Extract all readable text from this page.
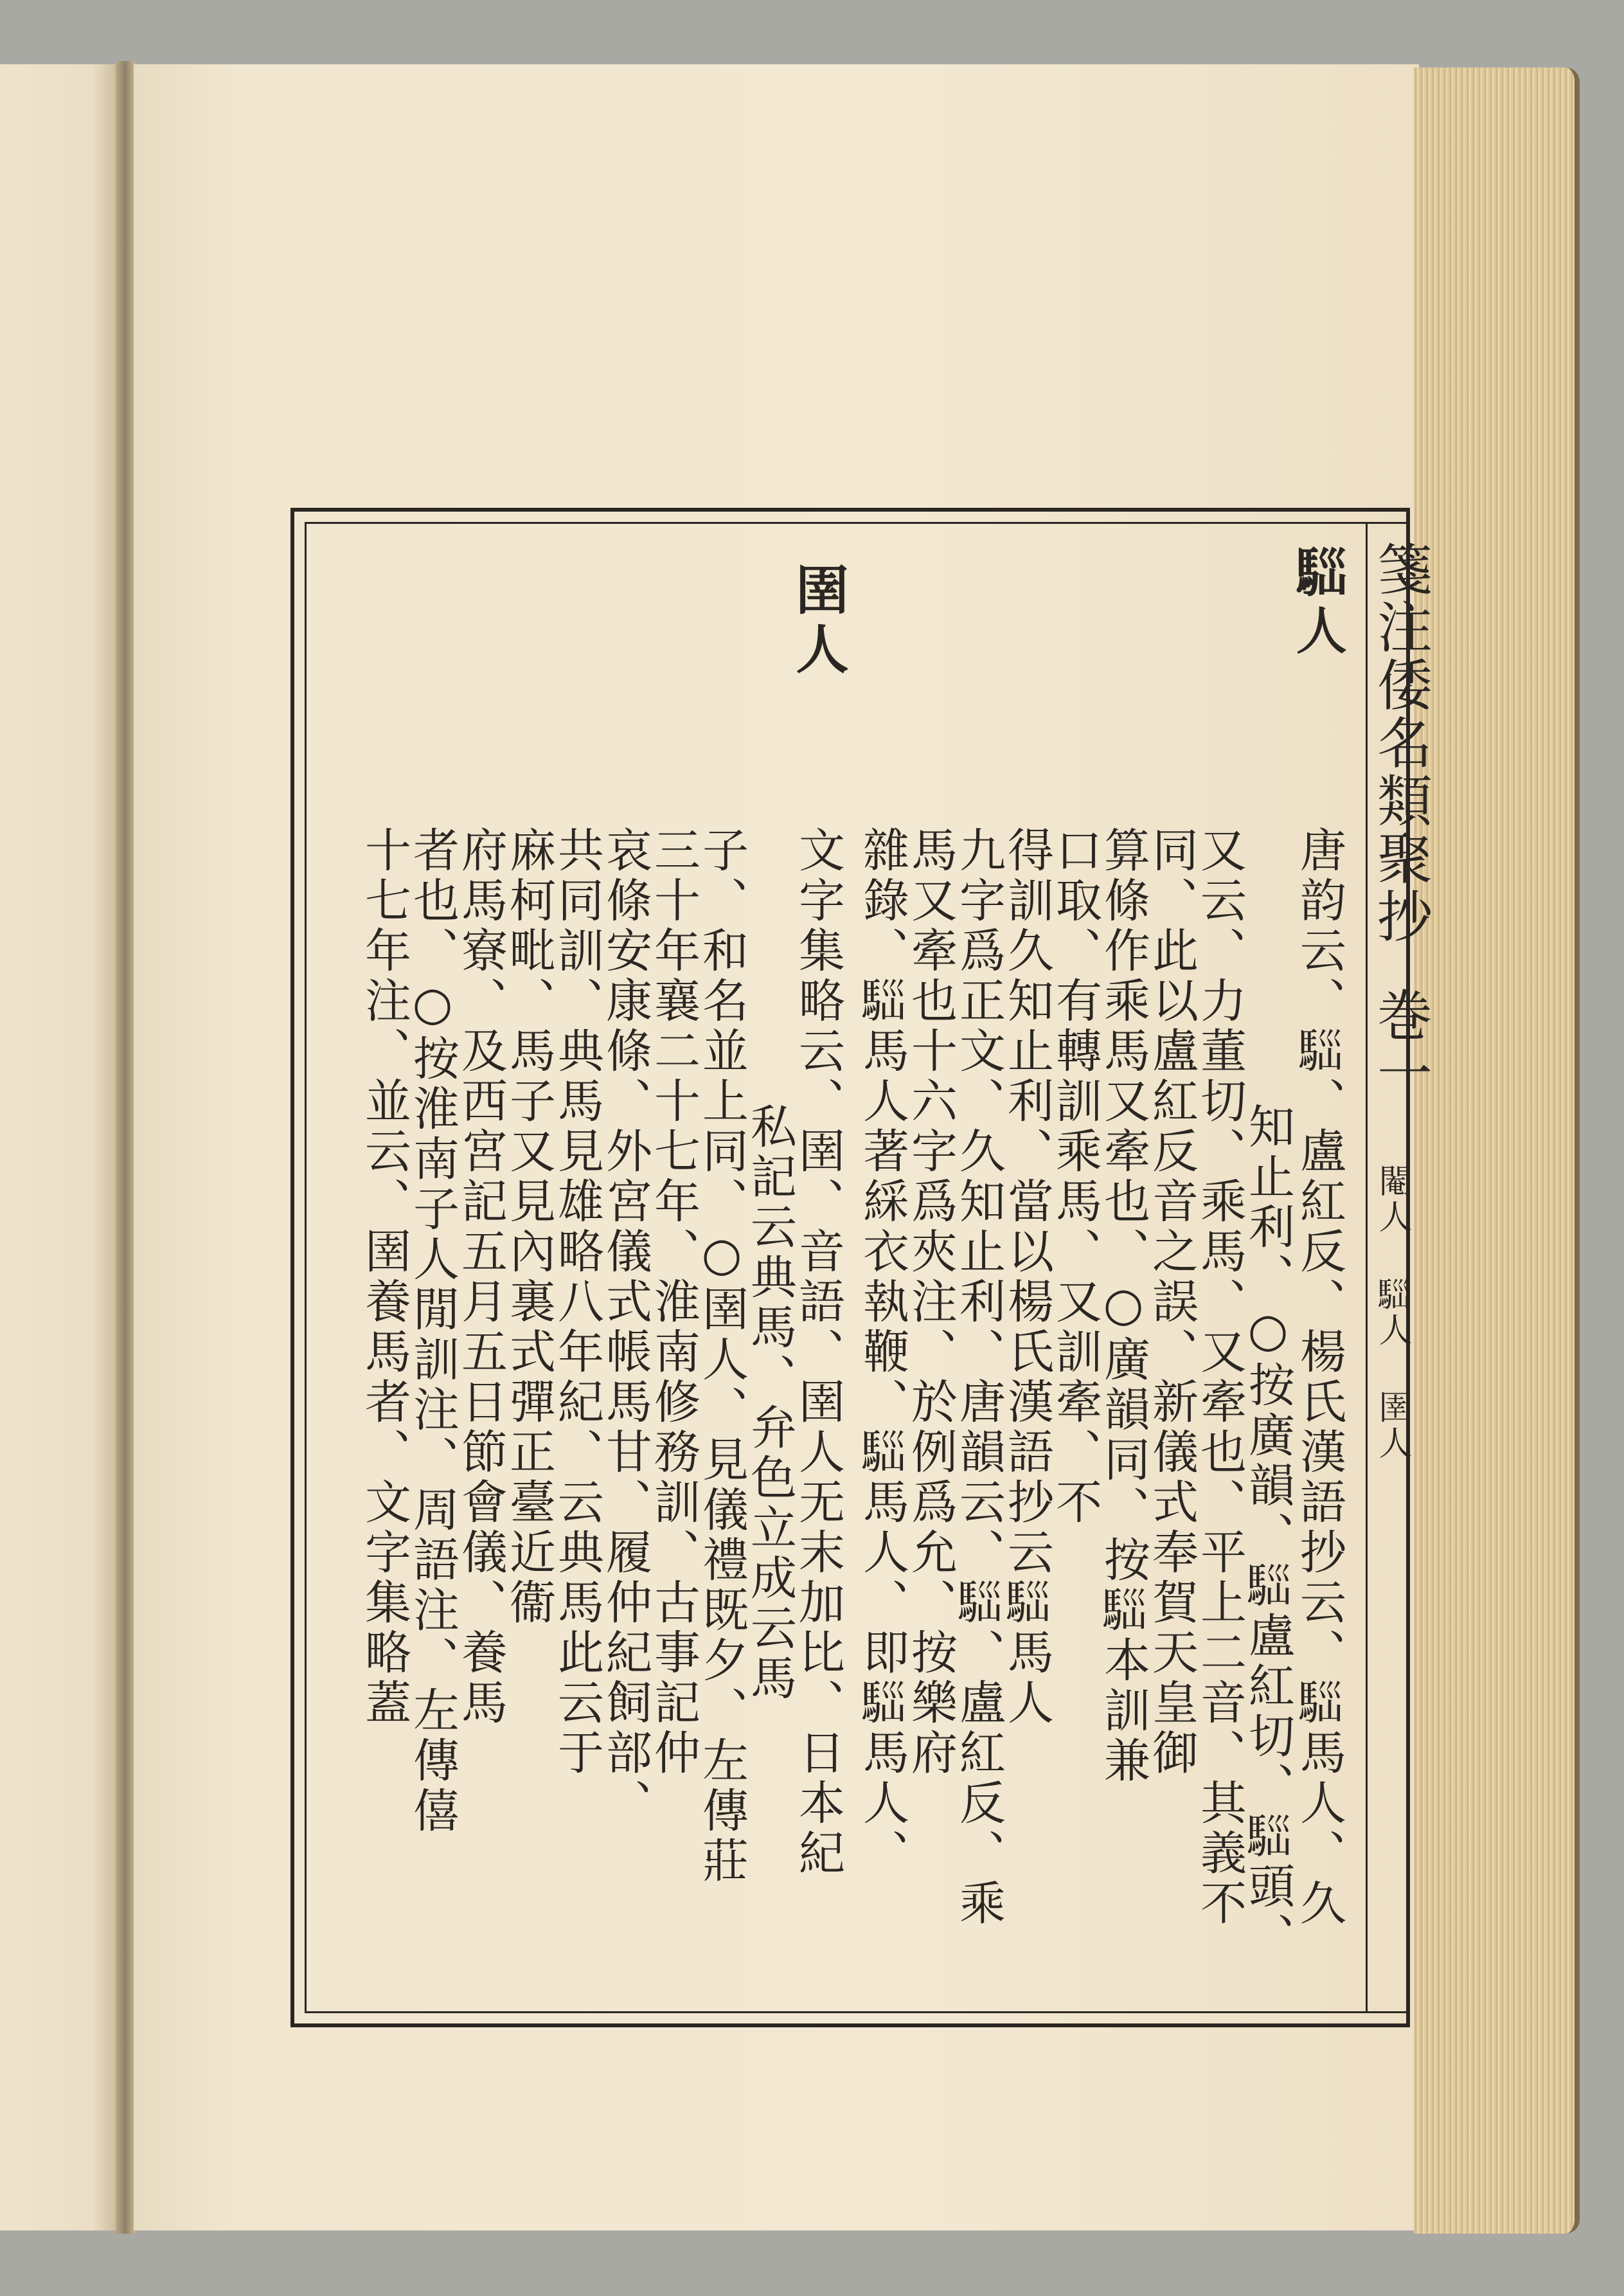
箋注倭名類聚抄
巻一
𩣃人
唐韵云、𩣃、盧紅反、楊氏漢語抄云、𩣃馬人、久
知止利、○按廣韻、𩣃盧紅切、𩣃頭、
又云、力董切、乘馬、又牽也、平上二音、其義不
同、此以盧紅反音之誤、新儀式奉賀天皇御
算條作乘馬又牽也、○廣韻同、按𩣃本訓兼
口取、有轉訓乘馬、又訓牽、不
得訓久知止利、當以楊氏漢語抄云𩣃馬人
九字爲正文、久知止利、唐韻云、𩣃、盧紅反、乘
馬又牽也十六字爲夾注、於例爲允、按樂府
雜錄、𩣃馬人著綵衣執鞭、𩣃馬人、即𩣃馬人、
圉人
文字集略云、圉、音語、圉人无末加比、日本紀
私記云典馬、弁色立成云馬
子、和名並上同、○圉人、見儀禮既夕、左傳莊
三十年襄二十七年、淮南修務訓、古事記仲
哀條安康條、外宮儀式帳馬甘、履仲紀飼部、
共同訓、典馬見雄略八年紀、云典馬此云于
麻柯毗、馬子又見內裏式彈正臺近衞
府馬寮、及西宮記五月五日節會儀、養馬
者也、○按淮南子人閒訓注、周語注、左傳僖
十七年注、並云、圉養馬者、文字集略蓋	閹人 𩣃人 圉人
